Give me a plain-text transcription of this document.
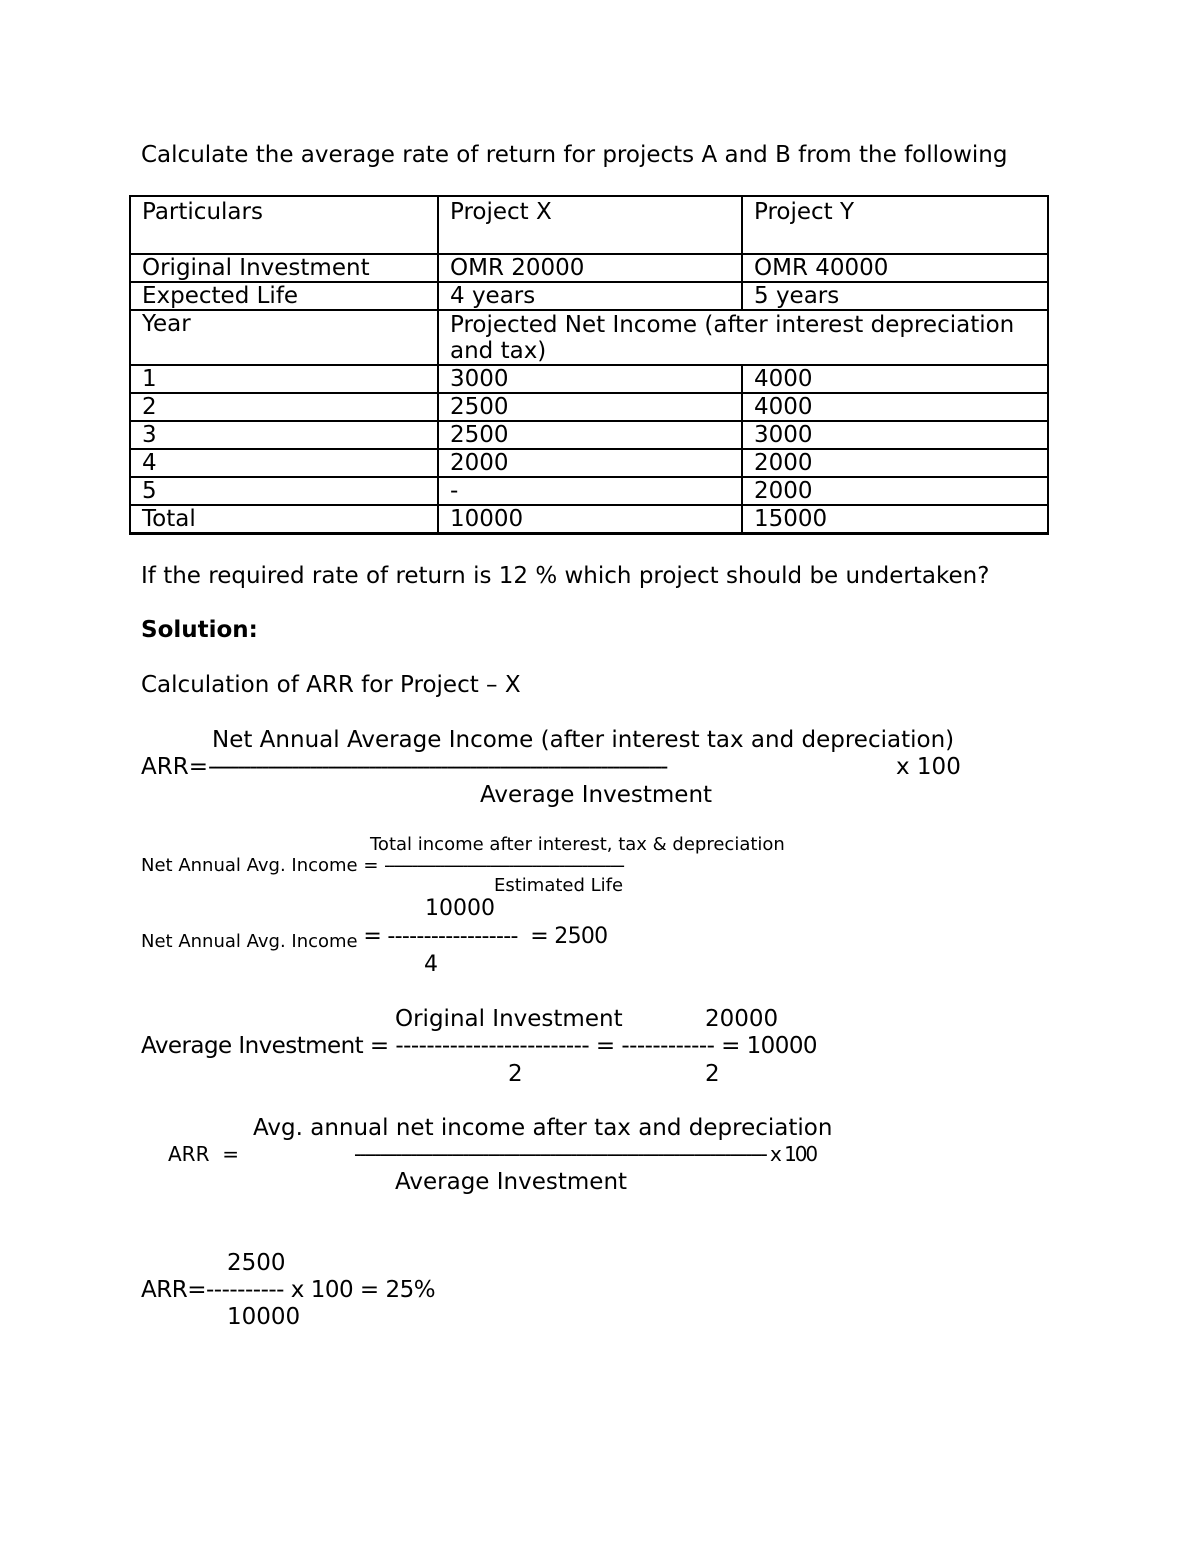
Calculate the average rate of return for projects A and B from the following
Particulars	Project X	Project Y
Original Investment	OMR 20000	OMR 40000
Expected Life	4 years	5 years
Year	Projected Net Income (after interest depreciation and tax)	
1	3000	4000
2	2500	4000
3	2500	3000
4	2000	2000
5	-	2000
Total	10000	15000
If the required rate of return is 12 % which project should be undertaken?
Solution:
Calculation of ARR for Project – X
Net Annual Average Income (after interest tax and depreciation)
ARR=-----------------------------------------------------------------------------	x 100
Average Investment
Total income after interest, tax & depreciation
Net Annual Avg. Income = ----------------------------------------------------
Estimated Life
10000
Net Annual Avg. Income = ------------------  = 2500
4
Original Investment	20000
Average Investment = ------------------------- = ------------ = 10000
2	2
Avg. annual net income after tax and depreciation
ARR  =	-------------------------------------------------------------------------------- x 100
Average Investment
2500
ARR=---------- x 100 = 25%
10000
